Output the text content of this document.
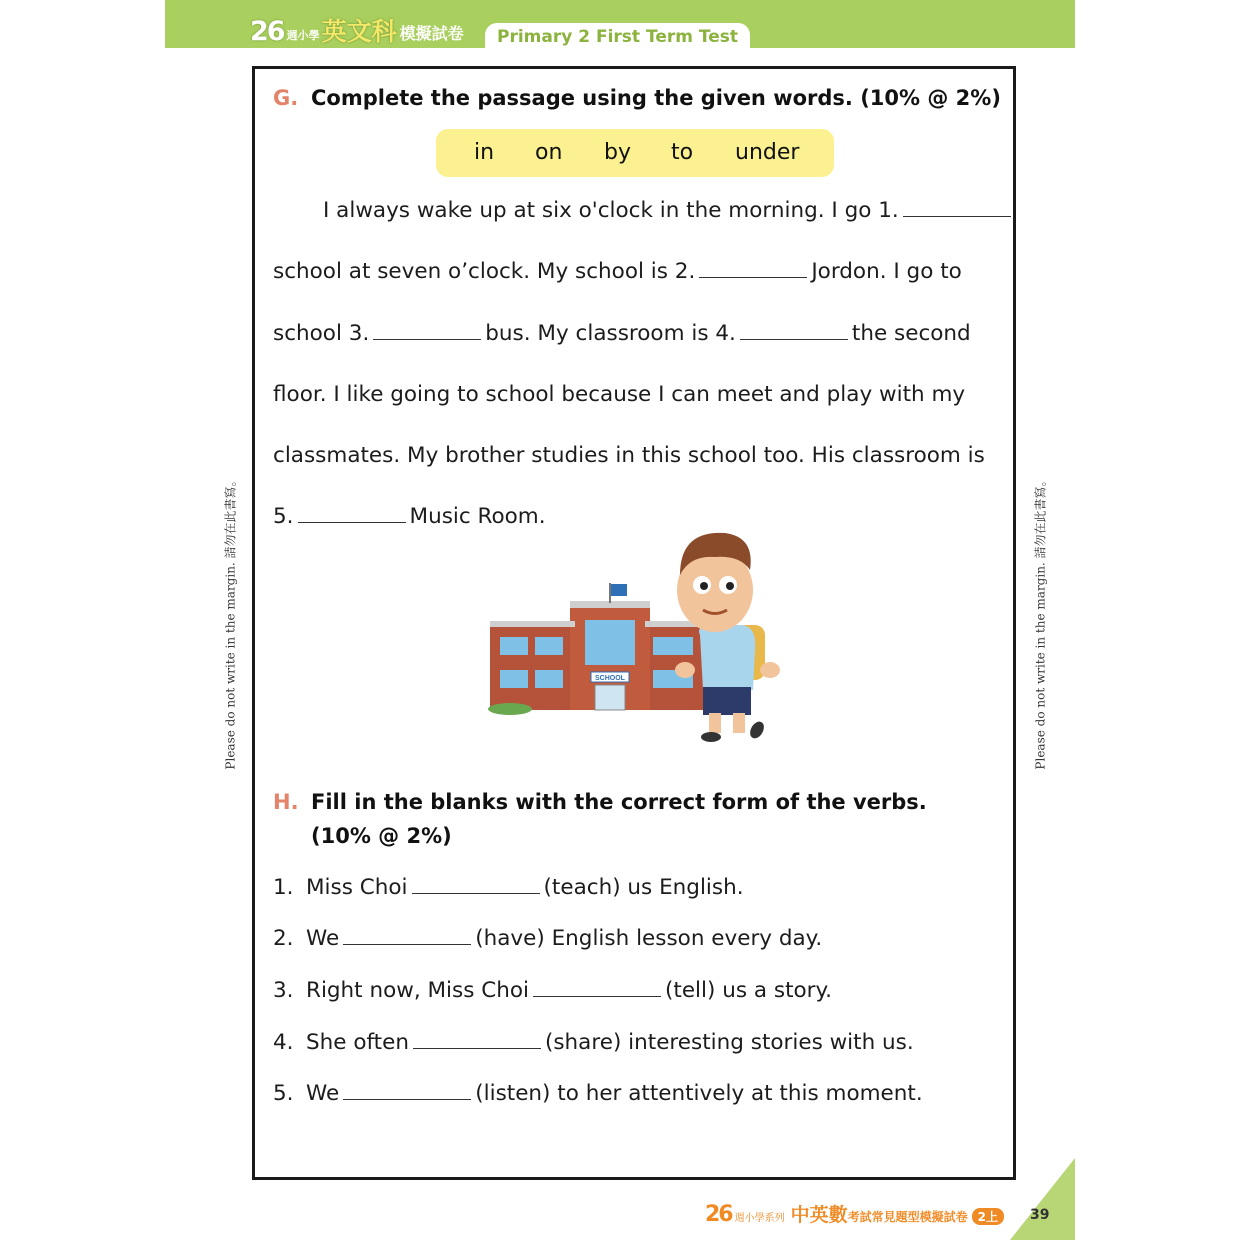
26 週小學 英文科 模擬試卷	Primary 2 First Term Test
G. Complete the passage using the given words. (10% @ 2%)
in on by to under
I always wake up at six o'clock in the morning. I go 1.
school at seven o’clock. My school is 2.	Jordon. I go to
school 3.	bus. My classroom is 4.	the second
floor. I like going to school because I can meet and play with my
classmates. My brother studies in this school too. His classroom is
5.	Music Room.
SCHOOL
H. Fill in the blanks with the correct form of the verbs.
(10% @ 2%)
1. Miss Choi	(teach) us English.
2. We	(have) English lesson every day.
3. Right now, Miss Choi	(tell) us a story.
4. She often	(share) interesting stories with us.
5. We	(listen) to her attentively at this moment.
Please do not write in the margin. 請勿在此書寫。	Please do not write in the margin. 請勿在此書寫。
26 週小學系列 中英數 考試常見題型模擬試卷 2上	39
